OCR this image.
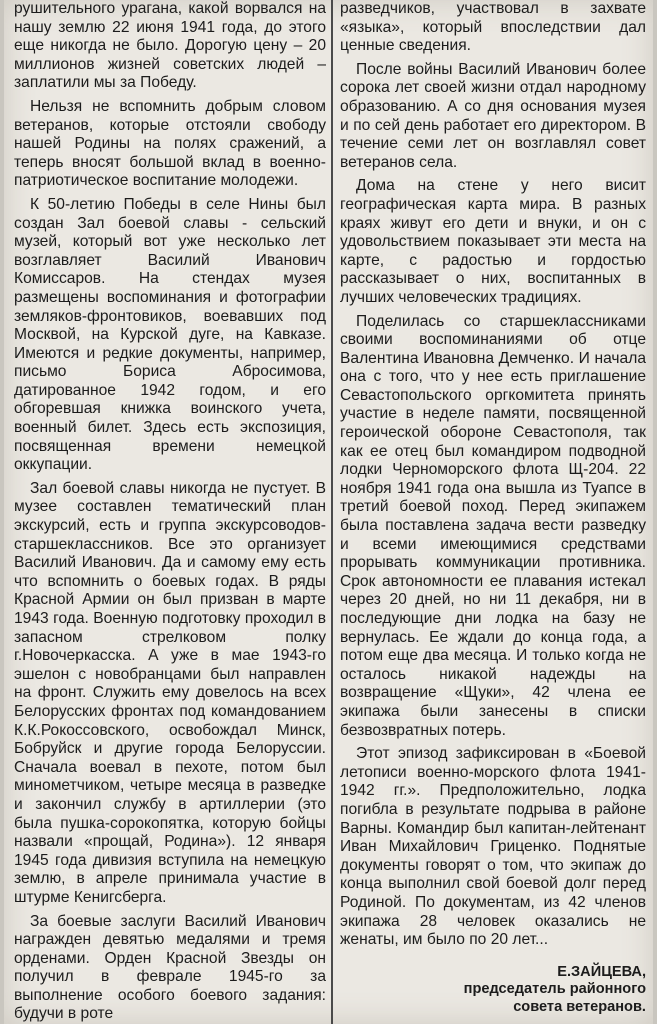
рушительного урагана, какой ворвался на нашу землю 22 июня 1941 года, до этого еще никогда не было. Дорогую цену – 20 миллионов жизней советских людей – заплатили мы за Победу.

Нельзя не вспомнить добрым словом ветеранов, которые отстояли свободу нашей Родины на полях сражений, а теперь вносят большой вклад в военно-патриотическое воспитание молодежи.

К 50-летию Победы в селе Нины был создан Зал боевой славы - сельский музей, который вот уже несколько лет возглавляет Василий Иванович Комиссаров. На стендах музея размещены воспоминания и фотографии земляков-фронтовиков, воевавших под Москвой, на Курской дуге, на Кавказе. Имеются и редкие документы, например, письмо Бориса Абросимова, датированное 1942 годом, и его обгоревшая книжка воинского учета, военный билет. Здесь есть экспозиция, посвященная времени немецкой оккупации.

Зал боевой славы никогда не пустует. В музее составлен тематический план экскурсий, есть и группа экскурсоводов-старшеклассников. Все это организует Василий Иванович. Да и самому ему есть что вспомнить о боевых годах. В ряды Красной Армии он был призван в марте 1943 года. Военную подготовку проходил в запасном стрелковом полку г.Новочеркасска. А уже в мае 1943-го эшелон с новобранцами был направлен на фронт. Служить ему довелось на всех Белорусских фронтах под командованием К.К.Рокоссовского, освобождал Минск, Бобруйск и другие города Белоруссии. Сначала воевал в пехоте, потом был минометчиком, четыре месяца в разведке и закончил службу в артиллерии (это была пушка-сорокопятка, которую бойцы назвали «прощай, Родина»). 12 января 1945 года дивизия вступила на немецкую землю, в апреле принимала участие в штурме Кенигсберга.

За боевые заслуги Василий Иванович награжден девятью медалями и тремя орденами. Орден Красной Звезды он получил в феврале 1945-го за выполнение особого боевого задания: будучи в роте

разведчиков, участвовал в захвате «языка», который впоследствии дал ценные сведения.

После войны Василий Иванович более сорока лет своей жизни отдал народному образованию. А со дня основания музея и по сей день работает его директором. В течение семи лет он возглавлял совет ветеранов села.

Дома на стене у него висит географическая карта мира. В разных краях живут его дети и внуки, и он с удовольствием показывает эти места на карте, с радостью и гордостью рассказывает о них, воспитанных в лучших человеческих традициях.

Поделилась со старшеклассниками своими воспоминаниями об отце Валентина Ивановна Демченко. И начала она с того, что у нее есть приглашение Севастопольского оргкомитета принять участие в неделе памяти, посвященной героической обороне Севастополя, так как ее отец был командиром подводной лодки Черноморского флота Щ-204. 22 ноября 1941 года она вышла из Туапсе в третий боевой поход. Перед экипажем была поставлена задача вести разведку и всеми имеющимися средствами прорывать коммуникации противника. Срок автономности ее плавания истекал через 20 дней, но ни 11 декабря, ни в последующие дни лодка на базу не вернулась. Ее ждали до конца года, а потом еще два месяца. И только когда не осталось никакой надежды на возвращение «Щуки», 42 члена ее экипажа были занесены в списки безвозвратных потерь.

Этот эпизод зафиксирован в «Боевой летописи военно-морского флота 1941-1942 гг.». Предположительно, лодка погибла в результате подрыва в районе Варны. Командир был капитан-лейтенант Иван Михайлович Гриценко. Поднятые документы говорят о том, что экипаж до конца выполнил свой боевой долг перед Родиной. По документам, из 42 членов экипажа 28 человек оказались не женаты, им было по 20 лет...

Е.ЗАЙЦЕВА,
председатель районного
совета ветеранов.
